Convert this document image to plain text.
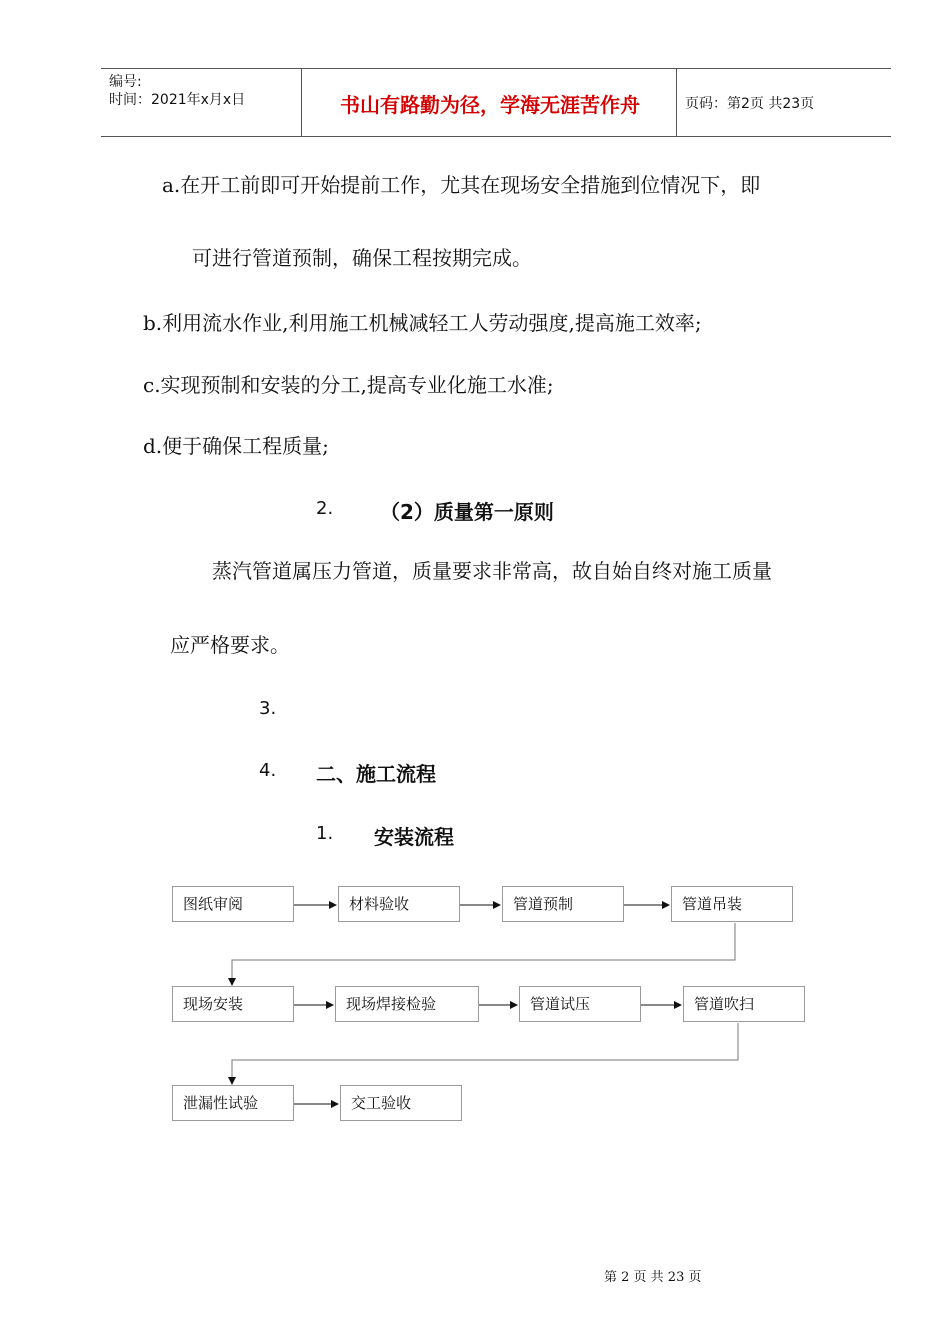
编号:
时间：2021年x月x日	书山有路勤为径，学海无涯苦作舟	页码：第2页 共23页
a.在开工前即可开始提前工作，尤其在现场安全措施到位情况下，即
可进行管道预制，确保工程按期完成。
b.利用流水作业,利用施工机械减轻工人劳动强度,提高施工效率;
c.实现预制和安装的分工,提高专业化施工水准;
d.便于确保工程质量;
2. （2）质量第一原则
蒸汽管道属压力管道，质量要求非常高，故自始自终对施工质量
应严格要求。
3.
4. 二、施工流程
1. 安装流程
图纸审阅	材料验收	管道预制	管道吊装
现场安装	现场焊接检验	管道试压	管道吹扫
泄漏性试验	交工验收
第 2 页 共 23 页
